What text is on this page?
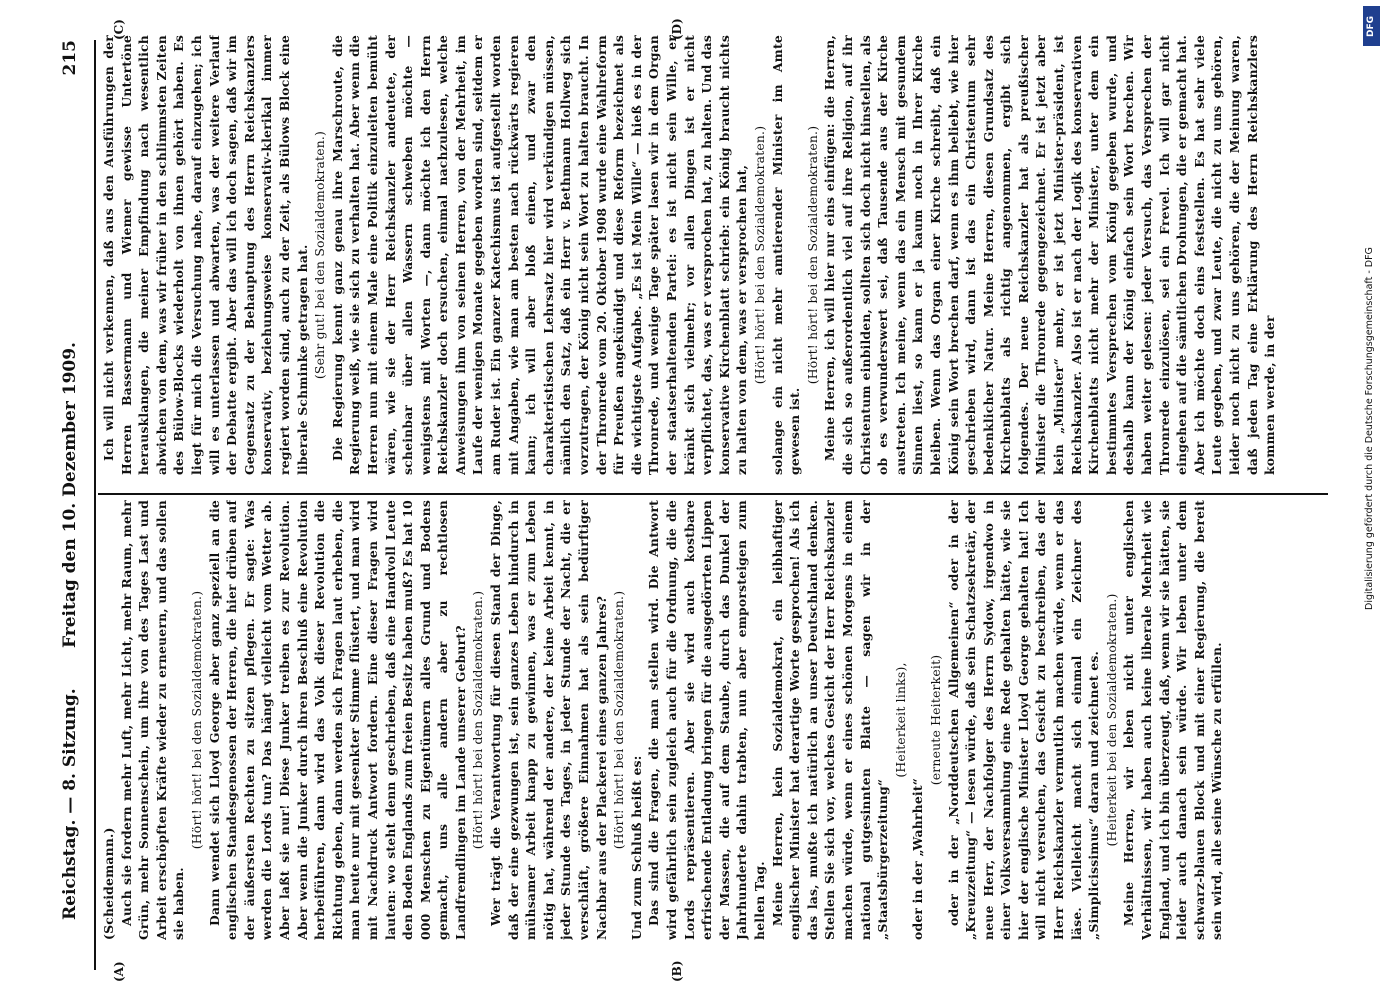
Reichstag. — 8. Sitzung.
Freitag den 10. Dezember 1909.
215
(A)	(B)
(C)	(D)

(Scheidemann.) Auch sie fordern mehr Luft, mehr Licht, mehr Raum, mehr Grün, mehr Sonnenschein, um ihre von des Tages Last und Arbeit erschöpften Kräfte wieder zu erneuern, und das sollen sie haben.

(Hört! hört! bei den Sozialdemokraten.) Dann wendet sich Lloyd George aber ganz speziell an die englischen Standesgenossen der Herren, die hier drüben auf der äußersten Rechten zu sitzen pflegen. Er sagte: Was werden die Lords tun? Das hängt vielleicht vom Wetter ab. Aber laßt sie nur! Diese Junker treiben es zur Revolution. Aber wenn die Junker durch ihren Beschluß eine Revolution herbeiführen, dann wird das Volk dieser Revolution die Richtung geben, dann werden sich Fragen laut erheben, die man heute nur mit gesenkter Stimme flüstert, und man wird mit Nachdruck Antwort fordern. Eine dieser Fragen wird lauten: wo steht denn geschrieben, daß eine Handvoll Leute den Boden Englands zum freien Besitz haben muß? Es hat 10 000 Menschen zu Eigentümern alles Grund und Bodens gemacht, uns alle andern aber zu rechtlosen Landfremdlingen im Lande unserer Geburt? (Hört! hört! bei den Sozialdemokraten.) Wer trägt die Verantwortung für diesen Stand der Dinge, daß der eine gezwungen ist, sein ganzes Leben hindurch in mühsamer Arbeit knapp zu gewinnen, was er zum Leben nötig hat, während der andere, der keine Arbeit kennt, in jeder Stunde des Tages, in jeder Stunde der Nacht, die er verschläft, größere Einnahmen hat als sein bedürftiger Nachbar aus der Plackerei eines ganzen Jahres? (Hört! hört! bei den Sozialdemokraten.) Und zum Schluß heißt es: Das sind die Fragen, die man stellen wird. Die Antwort wird gefährlich sein zugleich auch für die Ordnung, die die Lords repräsentieren. Aber sie wird auch kostbare erfrischende Entladung bringen für die ausgedörrten Lippen der Massen, die auf dem Staube, durch das Dunkel der Jahrhunderte dahin trabten, nun aber emporsteigen zum hellen Tag. Meine Herren, kein Sozialdemokrat, ein leibhaftiger englischer Minister hat derartige Worte gesprochen! Als ich das las, mußte ich natürlich an unser Deutschland denken. Stellen Sie sich vor, welches Gesicht der Herr Reichskanzler machen würde, wenn er eines schönen Morgens in einem national gutgesinnten Blatte — sagen wir in der „Staatsbürgerzeitung“

(Heiterkeit links),

oder in der „Wahrheit“

(erneute Heiterkeit) oder in der „Norddeutschen Allgemeinen“ oder in der „Kreuzzeitung“ — lesen würde, daß sein Schatzsekretär, der neue Herr, der Nachfolger des Herrn Sydow, irgendwo in einer Volksversammlung eine Rede gehalten hätte, wie sie hier der englische Minister Lloyd George gehalten hat! Ich will nicht versuchen, das Gesicht zu beschreiben, das der Herr Reichskanzler vermutlich machen würde, wenn er das läse. Vielleicht macht sich einmal ein Zeichner des „Simplicissimus“ daran und zeichnet es. (Heiterkeit bei den Sozialdemokraten.) Meine Herren, wir leben nicht unter englischen Verhältnissen, wir haben auch keine liberale Mehrheit wie England, und ich bin überzeugt, daß, wenn wir sie hätten, sie leider auch danach sein würde. Wir leben unter dem schwarz-blauen Block und mit einer Regierung, die bereit sein wird, alle seine Wünsche zu erfüllen.

Ich will nicht verkennen, daß aus den Ausführungen der Herren Bassermann und Wiemer gewisse Untertöne herausklangen, die meiner Empfindung nach wesentlich abwichen von dem, was wir früher in den schlimmsten Zeiten des Bülow-Blocks wiederholt von ihnen gehört haben. Es liegt für mich die Versuchung nahe, darauf einzugehen; ich will es unterlassen und abwarten, was der weitere Verlauf der Debatte ergibt. Aber das will ich doch sagen, daß wir im Gegensatz zu der Behauptung des Herrn Reichskanzlers konservativ, beziehungsweise konservativ-klerikal immer regiert worden sind, auch zu der Zeit, als Bülows Block eine liberale Schminke getragen hat. (Sehr gut! bei den Sozialdemokraten.) Die Regierung kennt ganz genau ihre Marschroute, die Regierung weiß, wie sie sich zu verhalten hat. Aber wenn die Herren nun mit einem Male eine Politik einzuleiten bemüht wären, wie sie der Herr Reichskanzler andeutete, der scheinbar über allen Wassern schweben möchte — wenigstens mit Worten —, dann möchte ich den Herrn Reichskanzler doch ersuchen, einmal nachzulesen, welche Anweisungen ihm von seinen Herren, von der Mehrheit, im Laufe der wenigen Monate gegeben worden sind, seitdem er am Ruder ist. Ein ganzer Katechismus ist aufgestellt worden mit Angaben, wie man am besten nach rückwärts regieren kann; ich will aber bloß einen, und zwar den charakteristischen Lehrsatz hier wird verkündigen müssen, nämlich den Satz, daß ein Herr v. Bethmann Hollweg sich vorzutragen, der König nicht sein Wort zu halten braucht. In der Thronrede vom 20. Oktober 1908 wurde eine Wahlreform für Preußen angekündigt und diese Reform bezeichnet als die wichtigste Aufgabe. „Es ist Mein Wille“ — hieß es in der Thronrede, und wenige Tage später lasen wir in dem Organ der staatserhaltenden Partei: es ist nicht sein Wille, er kränkt sich vielmehr; vor allen Dingen ist er nicht verpflichtet, das, was er versprochen hat, zu halten. Und das konservative Kirchenblatt schrieb: ein König braucht nichts zu halten von dem, was er versprochen hat, (Hört! hört! bei den Sozialdemokraten.) solange ein nicht mehr amtierender Minister im Amte gewesen ist.

(Hört! hört! bei den Sozialdemokraten.) Meine Herren, ich will hier nur eins einfügen: die Herren, die sich so außerordentlich viel auf ihre Religion, auf ihr Christentum einbilden, sollten sich doch nicht hinstellen, als ob es verwunderswert sei, daß Tausende aus der Kirche austreten. Ich meine, wenn das ein Mensch mit gesundem Sinnen liest, so kann er ja kaum noch in Ihrer Kirche bleiben. Wenn das Organ einer Kirche schreibt, daß ein König sein Wort brechen darf, wenn es ihm beliebt, wie hier geschrieben wird, dann ist das ein Christentum sehr bedenklicher Natur. Meine Herren, diesen Grundsatz des Kirchenblatts als richtig angenommen, ergibt sich folgendes. Der neue Reichskanzler hat als preußischer Minister die Thronrede gegengezeichnet. Er ist jetzt aber kein „Minister“ mehr, er ist jetzt Minister-präsident, ist Reichskanzler. Also ist er nach der Logik des konservativen Kirchenblatts nicht mehr der Minister, unter dem ein bestimmtes Versprechen vom König gegeben wurde, und deshalb kann der König einfach sein Wort brechen. Wir haben weiter gelesen: jeder Versuch, das Versprechen der Thronrede einzulösen, sei ein Frevel. Ich will gar nicht eingehen auf die sämtlichen Drohungen, die er gemacht hat. Aber ich möchte doch eins feststellen. Es hat sehr viele Leute gegeben, und zwar Leute, die nicht zu uns gehören, leider noch nicht zu uns gehören, die der Meinung waren, daß jeden Tag eine Erklärung des Herrn Reichskanzlers kommen werde, in der

DFG
Digitalisierung gefördert durch die Deutsche Forschungsgemeinschaft - DFG
